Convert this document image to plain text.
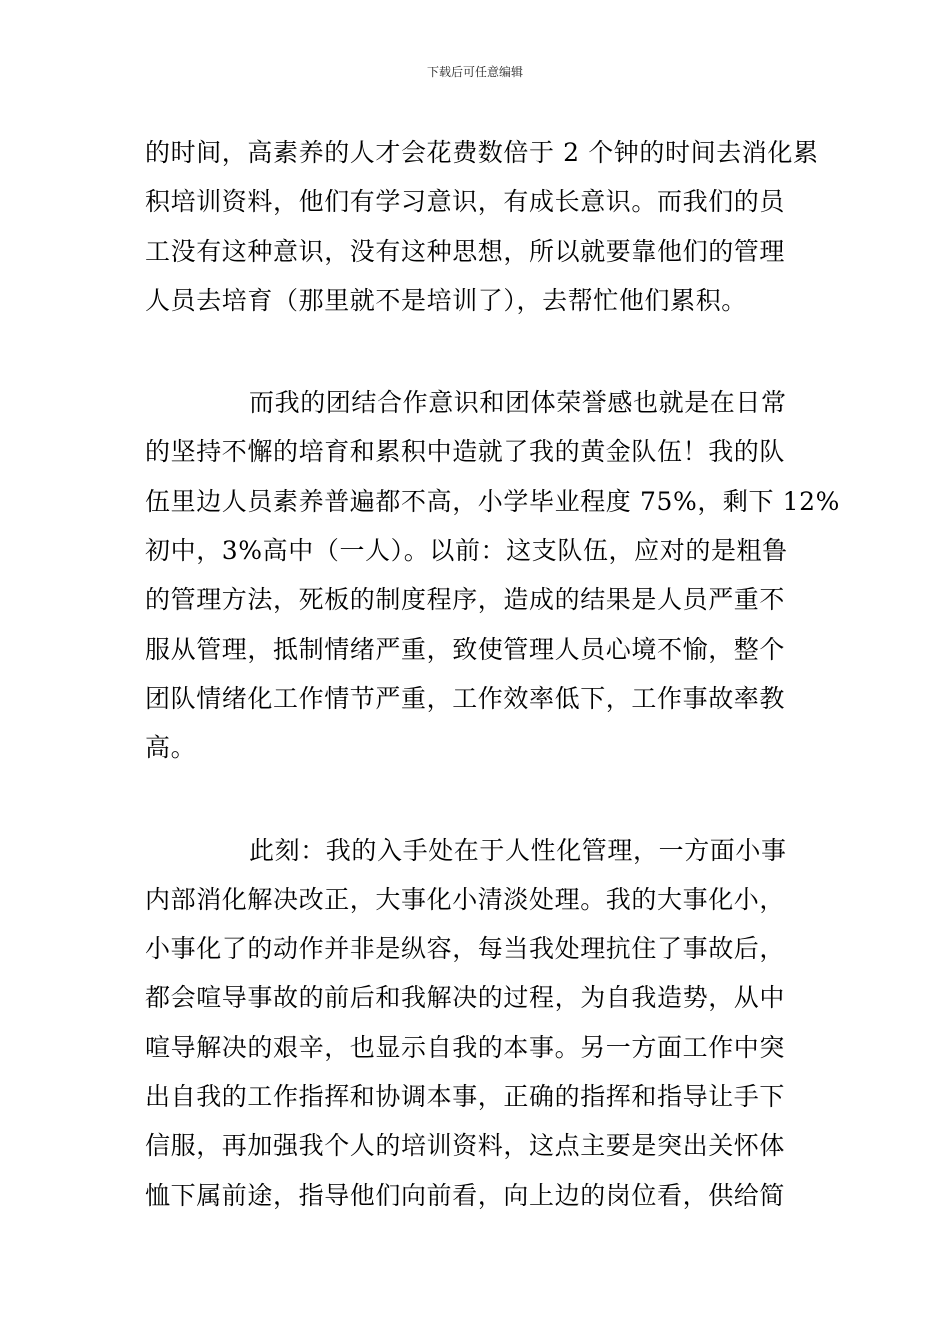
下载后可任意编辑
的时间，高素养的人才会花费数倍于 2 个钟的时间去消化累
积培训资料，他们有学习意识，有成长意识。而我们的员
工没有这种意识，没有这种思想，所以就要靠他们的管理
人员去培育（那里就不是培训了），去帮忙他们累积。
而我的团结合作意识和团体荣誉感也就是在日常
的坚持不懈的培育和累积中造就了我的黄金队伍！我的队
伍里边人员素养普遍都不高，小学毕业程度 75%，剩下 12%
初中，3%高中（一人）。以前：这支队伍，应对的是粗鲁
的管理方法，死板的制度程序，造成的结果是人员严重不
服从管理，抵制情绪严重，致使管理人员心境不愉，整个
团队情绪化工作情节严重，工作效率低下，工作事故率教
高。
此刻：我的入手处在于人性化管理，一方面小事
内部消化解决改正，大事化小清淡处理。我的大事化小，
小事化了的动作并非是纵容，每当我处理抗住了事故后，
都会喧导事故的前后和我解决的过程，为自我造势，从中
喧导解决的艰辛，也显示自我的本事。另一方面工作中突
出自我的工作指挥和协调本事，正确的指挥和指导让手下
信服，再加强我个人的培训资料，这点主要是突出关怀体
恤下属前途，指导他们向前看，向上边的岗位看，供给简
